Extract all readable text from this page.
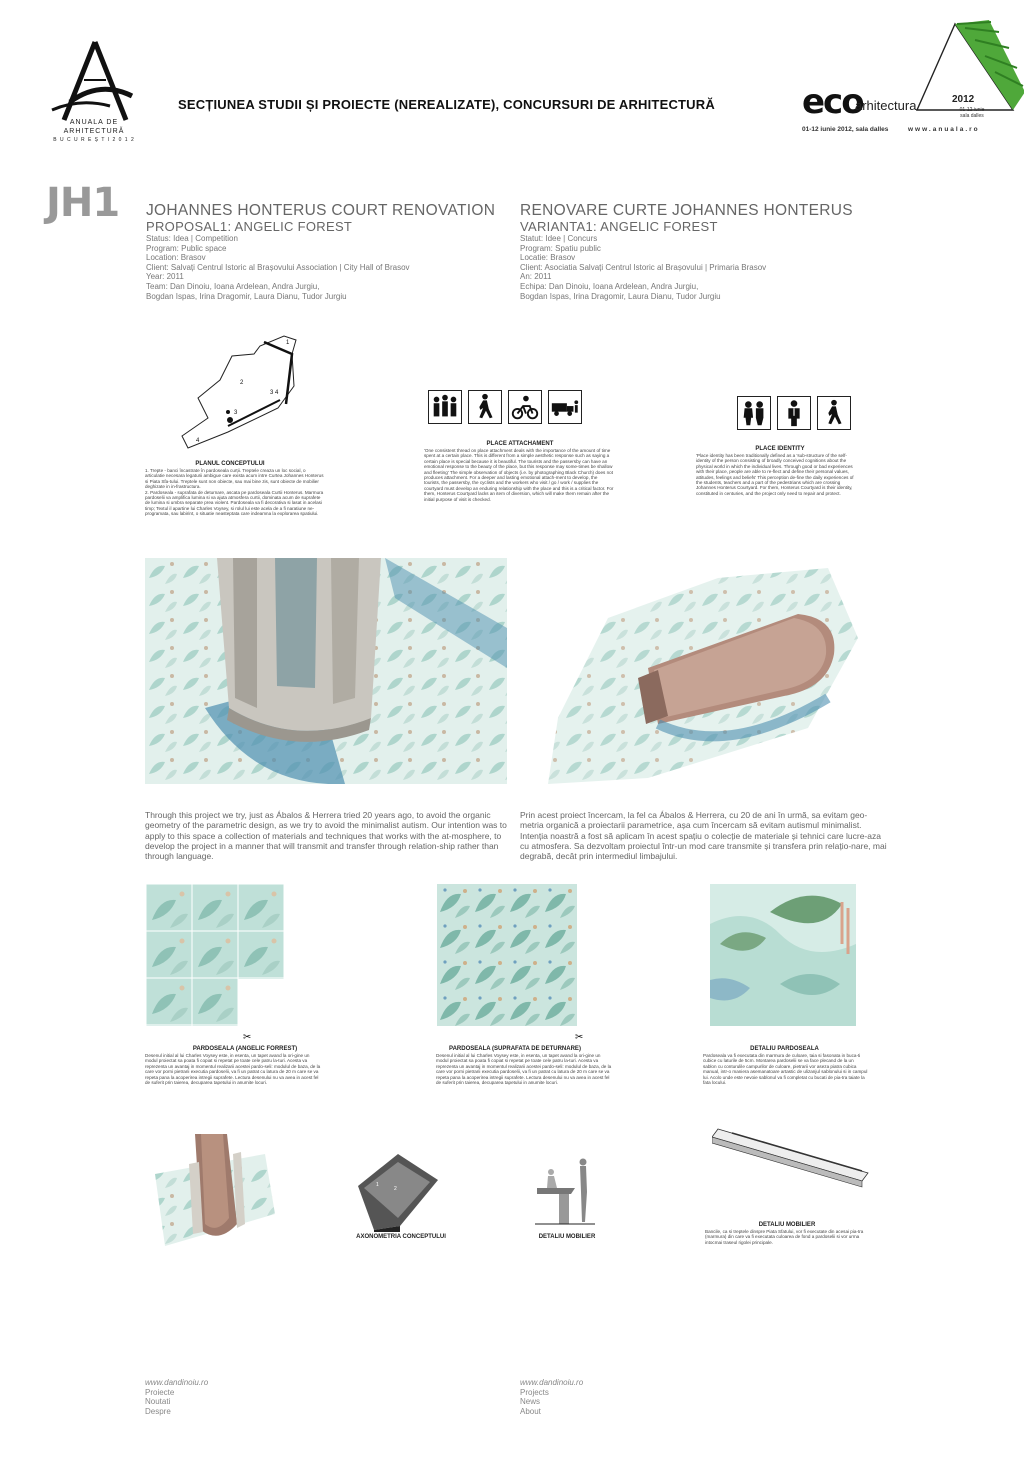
ANUALA DE ARHITECTURĂ
B U C U R E Ș T I 2 0 1 2
SECȚIUNEA STUDII ȘI PROIECTE (NEREALIZATE), CONCURSURI DE ARHITECTURĂ	eco
arhitectura	2012
01-12 iunie sala dalles
01-12 iunie 2012, sala dalles	www.anuala.ro
JH1 JOHANNES HONTERUS COURT RENOVATION
PROPOSAL1: ANGELIC FOREST
Status: Idea | Competition
Program: Public space
Location: Brasov
Client: Salvați Centrul Istoric al Brașovului Association | City Hall of Brasov
Year: 2011
Team: Dan Dinoiu, Ioana Ardelean, Andra Jurgiu,
Bogdan Ispas, Irina Dragomir, Laura Dianu, Tudor Jurgiu
RENOVARE CURTE JOHANNES HONTERUS
VARIANTA1: ANGELIC FOREST
Statut: Idee | Concurs
Program: Spatiu public
Locatie: Brasov
Client: Asociatia Salvați Centrul Istoric al Brașovului | Primaria Brasov
An: 2011
Echipa: Dan Dinoiu, Ioana Ardelean, Andra Jurgiu,
Bogdan Ispas, Irina Dragomir, Laura Dianu, Tudor Jurgiu
2
1
3 4
3
4
PLANUL CONCEPTULUI
1. Trepte - banci încastrate în pardoseala curții. Treptele creaza un loc social, o articulatie necesara legaturii ambigue care exista acum intre Curtea Johannes Honterus si Piata Sfa-tului. Treptele sunt non obiecte, sau mai bine zis, sunt obiecte de mobilier deghizate in in-frastructura.
2. Pardoseala - suprafata de deturnare, ascata pe pardoseala Curtii Honterus. Marmura pardoselii va amplifica lumina si va ajuta atmosfera curtii, dominata acum de suprafete de lumina si umbra separate prea violent. Pardoseala va fi decorativa si lasat in acelasi timp; Textul il apartine lui Charles Voysey, si rolul lui este acela de a fi naratiune ne-programata, sau labirint, o situatie neasteptata care indeamna la explorarea spatiului.
PLACE ATTACHAMENT
'One consistent thread on place attachment deals with the importance of the amount of time spent at a certain place. This is different from a simple aesthetic response such as saying a certain place is special because it is beautiful. The tourists and the passersby can have an emotional response to the beauty of the place, but this response may some-times be shallow and fleeting' The simple observation of objects (i.e. by photographing Black Church) does not produces attachment. For a deeper and lasting emotional attach-ment to develop, the tourists, the passersby, the cyclists and the workers who visit / go / work / supplies the courtyard must develop an enduring relationship with the place and this is a critical factor. For them, Honterus Courtyard lacks an item of diversion, which will make them remain after the initial purpose of visit is checked.
PLACE IDENTITY
'Place identity has been traditionally defined as a 'sub-structure of the self-identity of the person consisting of broadly conceived cognitions about the physical world in which the individual lives. Through good or bad experiences with their place, people are able to re-flect and define their personal values, attitudes, feelings and beliefs' This perception de-fine the daily experiences of the students, teachers and a part of the pedestrians which are crossing Johannes Honterus Courtyard. For them, Honterus Courtyard is their identity, constituted in centuries, and the project only need to repair and protect.
Through this project we try, just as Ábalos & Herrera tried 20 years ago, to avoid the organic geometry of the parametric design, as we try to avoid the minimalist autism. Our intention was to apply to this space a collection of materials and techniques that works with the at-mosphere, to develop the project in a manner that will transmit and transfer through relation-ship rather than through language.
Prin acest proiect încercam, la fel ca Ábalos & Herrera, cu 20 de ani în urmă, sa evitam geo-metria organică a proiectarii parametrice, așa cum încercam să evitam autismul minimalist. Intenția noastră a fost să aplicam în acest spațiu o colecție de materiale și tehnici care lucre-aza cu atmosfera. Sa dezvoltam proiectul într-un mod care transmite și transfera prin relațio-nare, mai degrabă, decât prin intermediul limbajului.
✂
PARDOSEALA (ANGELIC FORREST)
Desenul initial al lui Charles Voysey este, in esenta, un tapet avand la ori-gine un modul proiectat sa poata fi copiat si repetat pe toate cele patru la-turi. Acesta va reprezenta un avantaj in momentul realizarii acestei pardo-seli: modulul de baza, de la care vor porni pietrarii executia pardoselii, va fi un patrat cu latura de 20 m care se va repeta pana la acoperirea intregii suprafete. Lectura desenului nu va avea in acest fel de suferit prin taierea, decuparea tapetului in anumite locuri.
✂
PARDOSEALA (SUPRAFATA DE DETURNARE)
Desenul initial al lui Charles Voysey este, in esenta, un tapet avand la ori-gine un modul proiectat sa poata fi copiat si repetat pe toate cele patru la-turi. Acesta va reprezenta un avantaj in momentul realizarii acestei pardo-seli: modulul de baza, de la care vor porni pietrarii executia pardoselii, va fi un patrat cu latura de 20 m care se va repeta pana la acoperirea intregii suprafete. Lectura desenului nu va avea in acest fel de suferit prin taierea, decuparea tapetului in anumite locuri.
DETALIU PARDOSEALA
Pardoseala va fi executata din marmura de culoare, taia si fasonata in buca-ti cubice cu laturile de 5cm. Montarea pardoselii se va face plecand de la un sablon cu conturulile campurilor de culoare, pietrarii vor aseza piatra cubica manual, intr-o maniera asemanatoare artastic de ulizanjul sablonului si in campul lui. Acolo unde este nevoie sablonul va fi completat cu bucati de pia-tra taiate la fata locului.
2
1
AXONOMETRIA CONCEPTULUI	DETALIU MOBILIER
DETALIU MOBILIER
Bancile, ca si treptele dinspre Piata Sfatului, vor fi executate din acesai pia-tra (marmura) din care va fi executata culoarea de fond a pardoselii si vor urma intocmai traseul rigolei principale.
www.dandinoiu.ro
Proiecte
Noutati
Despre
www.dandinoiu.ro
Projects
News
About
